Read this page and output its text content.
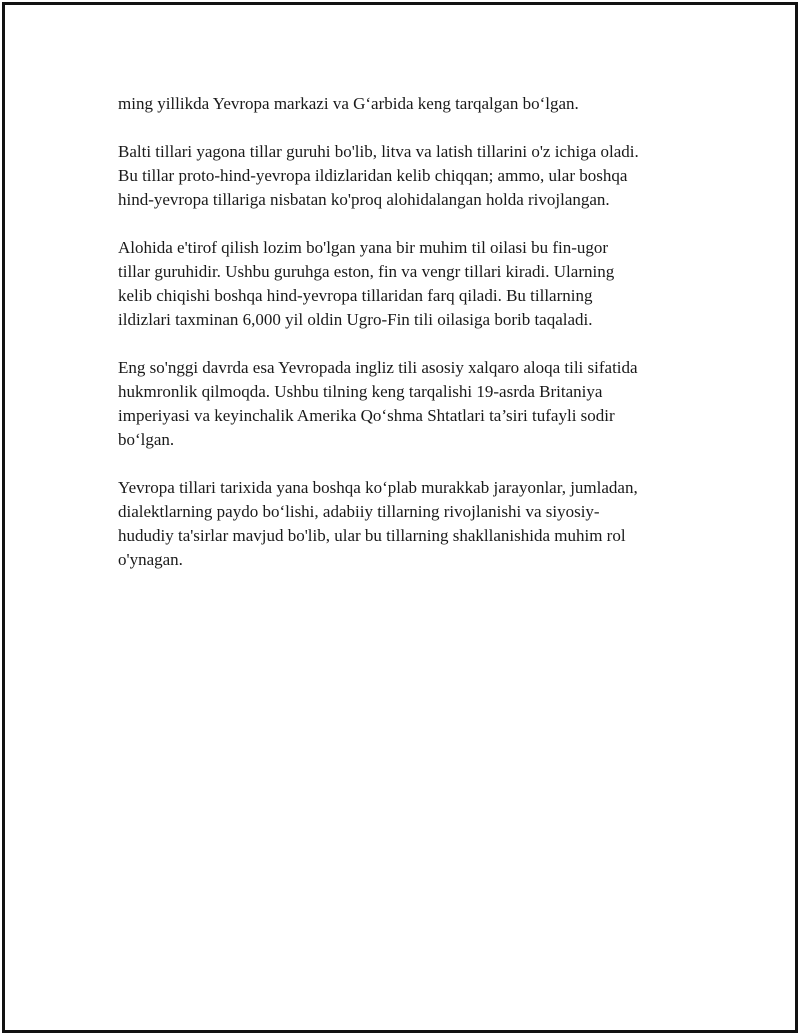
ming yillikda Yevropa markazi va G‘arbida keng tarqalgan bo‘lgan.

Balti tillari yagona tillar guruhi bo'lib, litva va latish tillarini o'z ichiga oladi.
Bu tillar proto-hind-yevropa ildizlaridan kelib chiqqan; ammo, ular boshqa
hind-yevropa tillariga nisbatan ko'proq alohidalangan holda rivojlangan.

Alohida e'tirof qilish lozim bo'lgan yana bir muhim til oilasi bu fin-ugor
tillar guruhidir. Ushbu guruhga eston, fin va vengr tillari kiradi. Ularning
kelib chiqishi boshqa hind-yevropa tillaridan farq qiladi. Bu tillarning
ildizlari taxminan 6,000 yil oldin Ugro-Fin tili oilasiga borib taqaladi.

Eng so'nggi davrda esa Yevropada ingliz tili asosiy xalqaro aloqa tili sifatida
hukmronlik qilmoqda. Ushbu tilning keng tarqalishi 19-asrda Britaniya
imperiyasi va keyinchalik Amerika Qo‘shma Shtatlari ta’siri tufayli sodir
bo‘lgan.

Yevropa tillari tarixida yana boshqa ko‘plab murakkab jarayonlar, jumladan,
dialektlarning paydo bo‘lishi, adabiiy tillarning rivojlanishi va siyosiy-
hududiy ta'sirlar mavjud bo'lib, ular bu tillarning shakllanishida muhim rol
o'ynagan.
